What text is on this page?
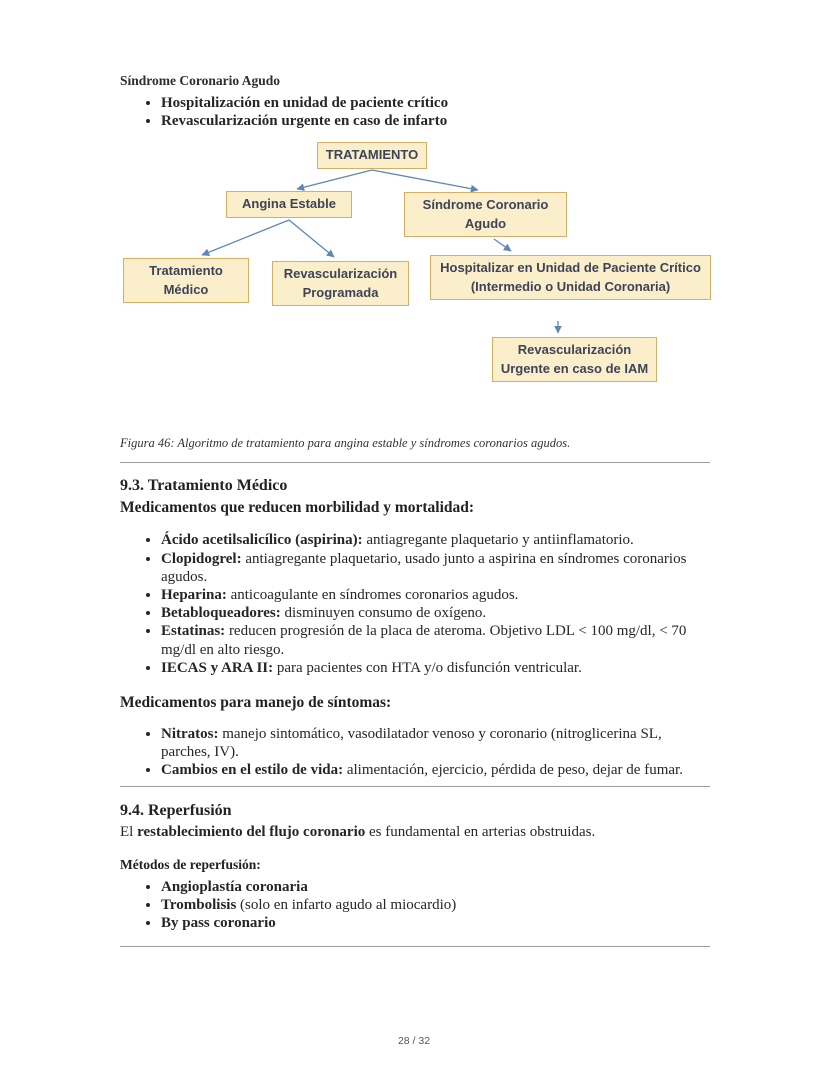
Síndrome Coronario Agudo
• Hospitalización en unidad de paciente crítico
• Revascularización urgente en caso de infarto
TRATAMIENTO
Angina Estable	Síndrome Coronario Agudo
Tratamiento Médico
Revascularización Programada
Hospitalizar en Unidad de Paciente Crítico (Intermedio o Unidad Coronaria)
Revascularización Urgente en caso de IAM

Figura 46: Algoritmo de tratamiento para angina estable y síndromes coronarios agudos.

9.3. Tratamiento Médico

Medicamentos que reducen morbilidad y mortalidad:

• Ácido acetilsalicílico (aspirina): antiagregante plaquetario y antiinflamatorio.
• Clopidogrel: antiagregante plaquetario, usado junto a aspirina en síndromes coronarios agudos.
• Heparina: anticoagulante en síndromes coronarios agudos.
• Betabloqueadores: disminuyen consumo de oxígeno.
• Estatinas: reducen progresión de la placa de ateroma. Objetivo LDL < 100 mg/dl, < 70 mg/dl en alto riesgo.
• IECAS y ARA II: para pacientes con HTA y/o disfunción ventricular.

Medicamentos para manejo de síntomas:

• Nitratos: manejo sintomático, vasodilatador venoso y coronario (nitroglicerina SL, parches, IV).
• Cambios en el estilo de vida: alimentación, ejercicio, pérdida de peso, dejar de fumar.
9.4. Reperfusión

El restablecimiento del flujo coronario es fundamental en arterias obstruidas.

Métodos de reperfusión:

• Angioplastía coronaria
• Trombolisis (solo en infarto agudo al miocardio)
• By pass coronario
28 / 32
